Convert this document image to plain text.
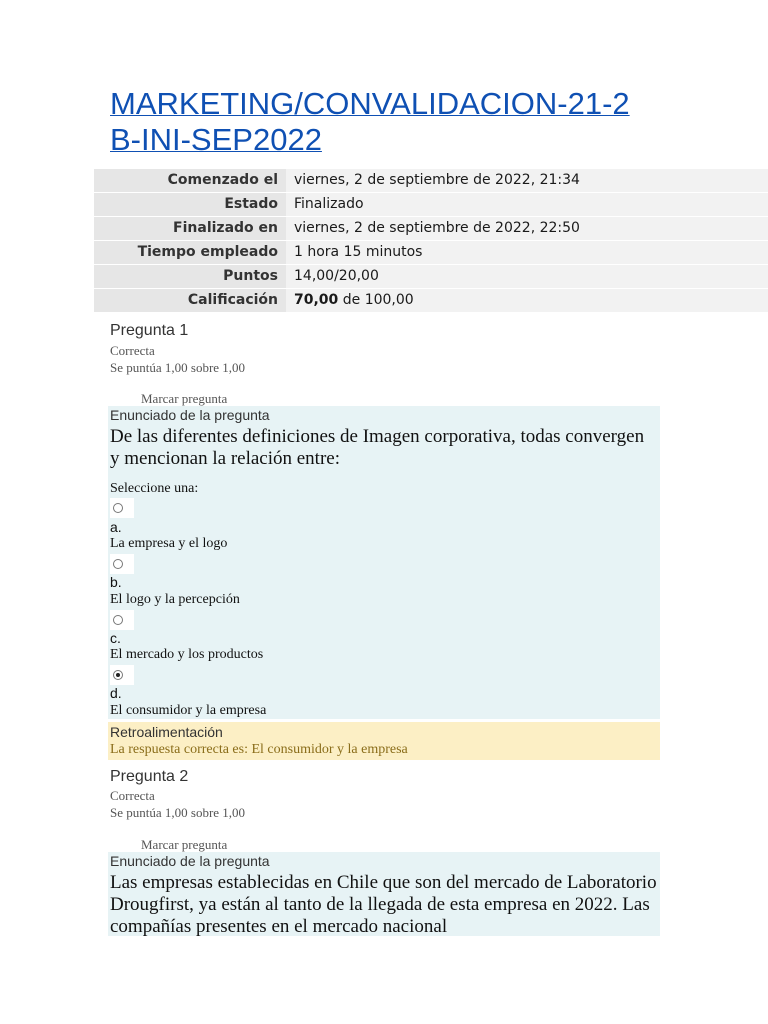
MARKETING/CONVALIDACION-21-2B-INI-SEP2022
Comenzado el	viernes, 2 de septiembre de 2022, 21:34
Estado	Finalizado
Finalizado en	viernes, 2 de septiembre de 2022, 22:50
Tiempo empleado	1 hora 15 minutos
Puntos	14,00/20,00
Calificación	70,00 de 100,00
Pregunta 1
Correcta
Se puntúa 1,00 sobre 1,00
Marcar pregunta
Enunciado de la pregunta

De las diferentes definiciones de Imagen corporativa, todas convergen y mencionan la relación entre:

Seleccione una:
a.
La empresa y el logo
b.
El logo y la percepción
c.
El mercado y los productos
d.
El consumidor y la empresa
Retroalimentación
La respuesta correcta es: El consumidor y la empresa
Pregunta 2
Correcta
Se puntúa 1,00 sobre 1,00
Marcar pregunta
Enunciado de la pregunta

Las empresas establecidas en Chile que son del mercado de Laboratorio Drougfirst, ya están al tanto de la llegada de esta empresa en 2022. Las compañías presentes en el mercado nacional
